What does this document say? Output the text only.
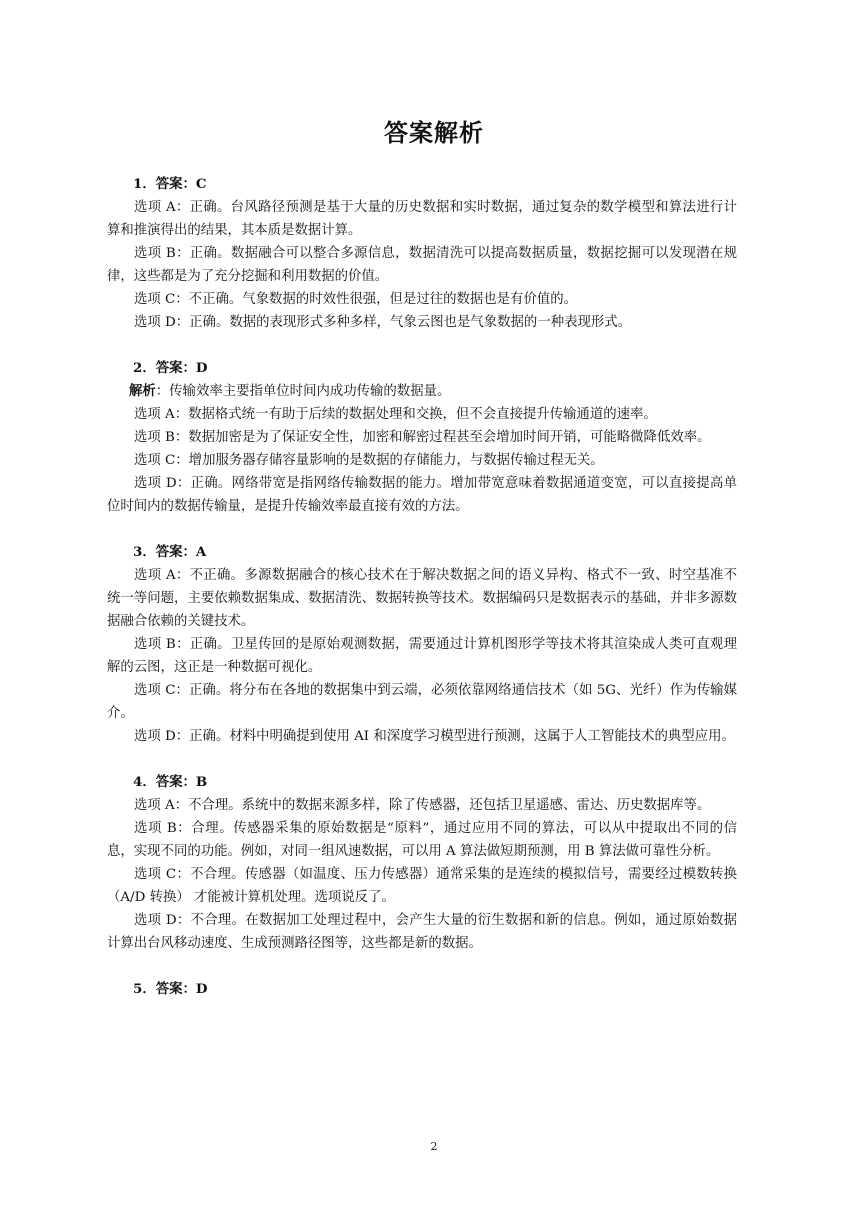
答案解析

1．答案：C

选项 A：正确。台风路径预测是基于大量的历史数据和实时数据，通过复杂的数学模型和算法进行计算和推演得出的结果，其本质是数据计算。

选项 B：正确。数据融合可以整合多源信息，数据清洗可以提高数据质量，数据挖掘可以发现潜在规律，这些都是为了充分挖掘和利用数据的价值。

选项 C：不正确。气象数据的时效性很强，但是过往的数据也是有价值的。

选项 D：正确。数据的表现形式多种多样，气象云图也是气象数据的一种表现形式。

2．答案：D

解析：传输效率主要指单位时间内成功传输的数据量。

选项 A：数据格式统一有助于后续的数据处理和交换，但不会直接提升传输通道的速率。

选项 B：数据加密是为了保证安全性，加密和解密过程甚至会增加时间开销，可能略微降低效率。

选项 C：增加服务器存储容量影响的是数据的存储能力，与数据传输过程无关。

选项 D：正确。网络带宽是指网络传输数据的能力。增加带宽意味着数据通道变宽，可以直接提高单位时间内的数据传输量，是提升传输效率最直接有效的方法。

3．答案：A

选项 A：不正确。多源数据融合的核心技术在于解决数据之间的语义异构、格式不一致、时空基准不统一等问题，主要依赖数据集成、数据清洗、数据转换等技术。数据编码只是数据表示的基础，并非多源数据融合依赖的关键技术。

选项 B：正确。卫星传回的是原始观测数据，需要通过计算机图形学等技术将其渲染成人类可直观理解的云图，这正是一种数据可视化。

选项 C：正确。将分布在各地的数据集中到云端，必须依靠网络通信技术（如 5G、光纤）作为传输媒介。

选项 D：正确。材料中明确提到使用 AI 和深度学习模型进行预测，这属于人工智能技术的典型应用。

4．答案：B

选项 A：不合理。系统中的数据来源多样，除了传感器，还包括卫星遥感、雷达、历史数据库等。

选项 B：合理。传感器采集的原始数据是“原料”，通过应用不同的算法，可以从中提取出不同的信息，实现不同的功能。例如，对同一组风速数据，可以用 A 算法做短期预测，用 B 算法做可靠性分析。

选项 C：不合理。传感器（如温度、压力传感器）通常采集的是连续的模拟信号，需要经过模数转换（A/D 转换） 才能被计算机处理。选项说反了。

选项 D：不合理。在数据加工处理过程中，会产生大量的衍生数据和新的信息。例如，通过原始数据计算出台风移动速度、生成预测路径图等，这些都是新的数据。

5．答案：D

2
